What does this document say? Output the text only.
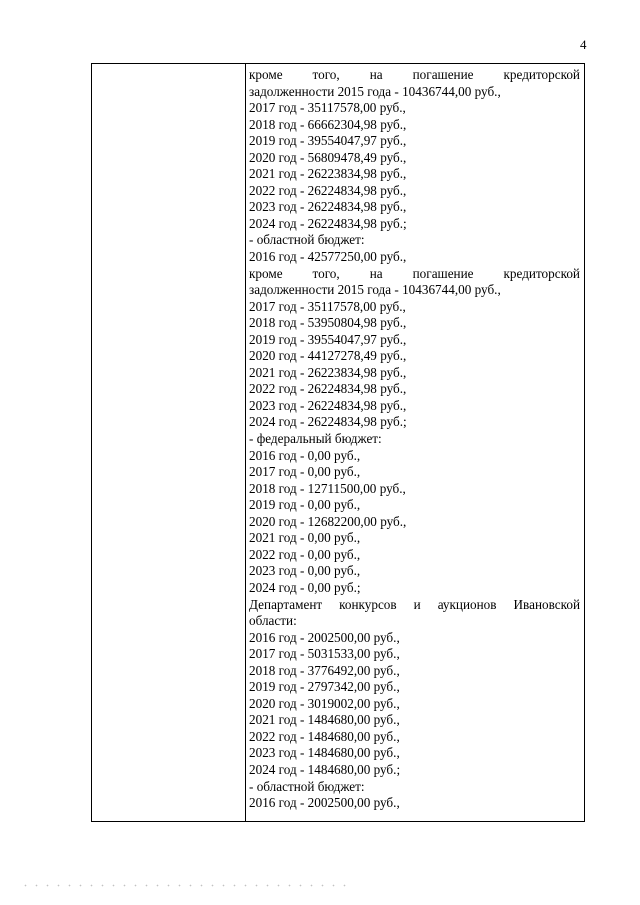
4
кроме того, на погашение кредиторской
задолженности 2015 года - 10436744,00 руб.,
2017 год - 35117578,00 руб.,
2018 год - 66662304,98 руб.,
2019 год - 39554047,97 руб.,
2020 год - 56809478,49 руб.,
2021 год - 26223834,98 руб.,
2022 год - 26224834,98 руб.,
2023 год - 26224834,98 руб.,
2024 год - 26224834,98 руб.;
- областной бюджет:
2016 год - 42577250,00 руб.,
кроме того, на погашение кредиторской
задолженности 2015 года - 10436744,00 руб.,
2017 год - 35117578,00 руб.,
2018 год - 53950804,98 руб.,
2019 год - 39554047,97 руб.,
2020 год - 44127278,49 руб.,
2021 год - 26223834,98 руб.,
2022 год - 26224834,98 руб.,
2023 год - 26224834,98 руб.,
2024 год - 26224834,98 руб.;
- федеральный бюджет:
2016 год - 0,00 руб.,
2017 год - 0,00 руб.,
2018 год - 12711500,00 руб.,
2019 год - 0,00 руб.,
2020 год - 12682200,00 руб.,
2021 год - 0,00 руб.,
2022 год - 0,00 руб.,
2023 год - 0,00 руб.,
2024 год - 0,00 руб.;
Департамент конкурсов и аукционов Ивановской
области:
2016 год - 2002500,00 руб.,
2017 год - 5031533,00 руб.,
2018 год - 3776492,00 руб.,
2019 год - 2797342,00 руб.,
2020 год - 3019002,00 руб.,
2021 год - 1484680,00 руб.,
2022 год - 1484680,00 руб.,
2023 год - 1484680,00 руб.,
2024 год - 1484680,00 руб.;
- областной бюджет:
2016 год - 2002500,00 руб.,
